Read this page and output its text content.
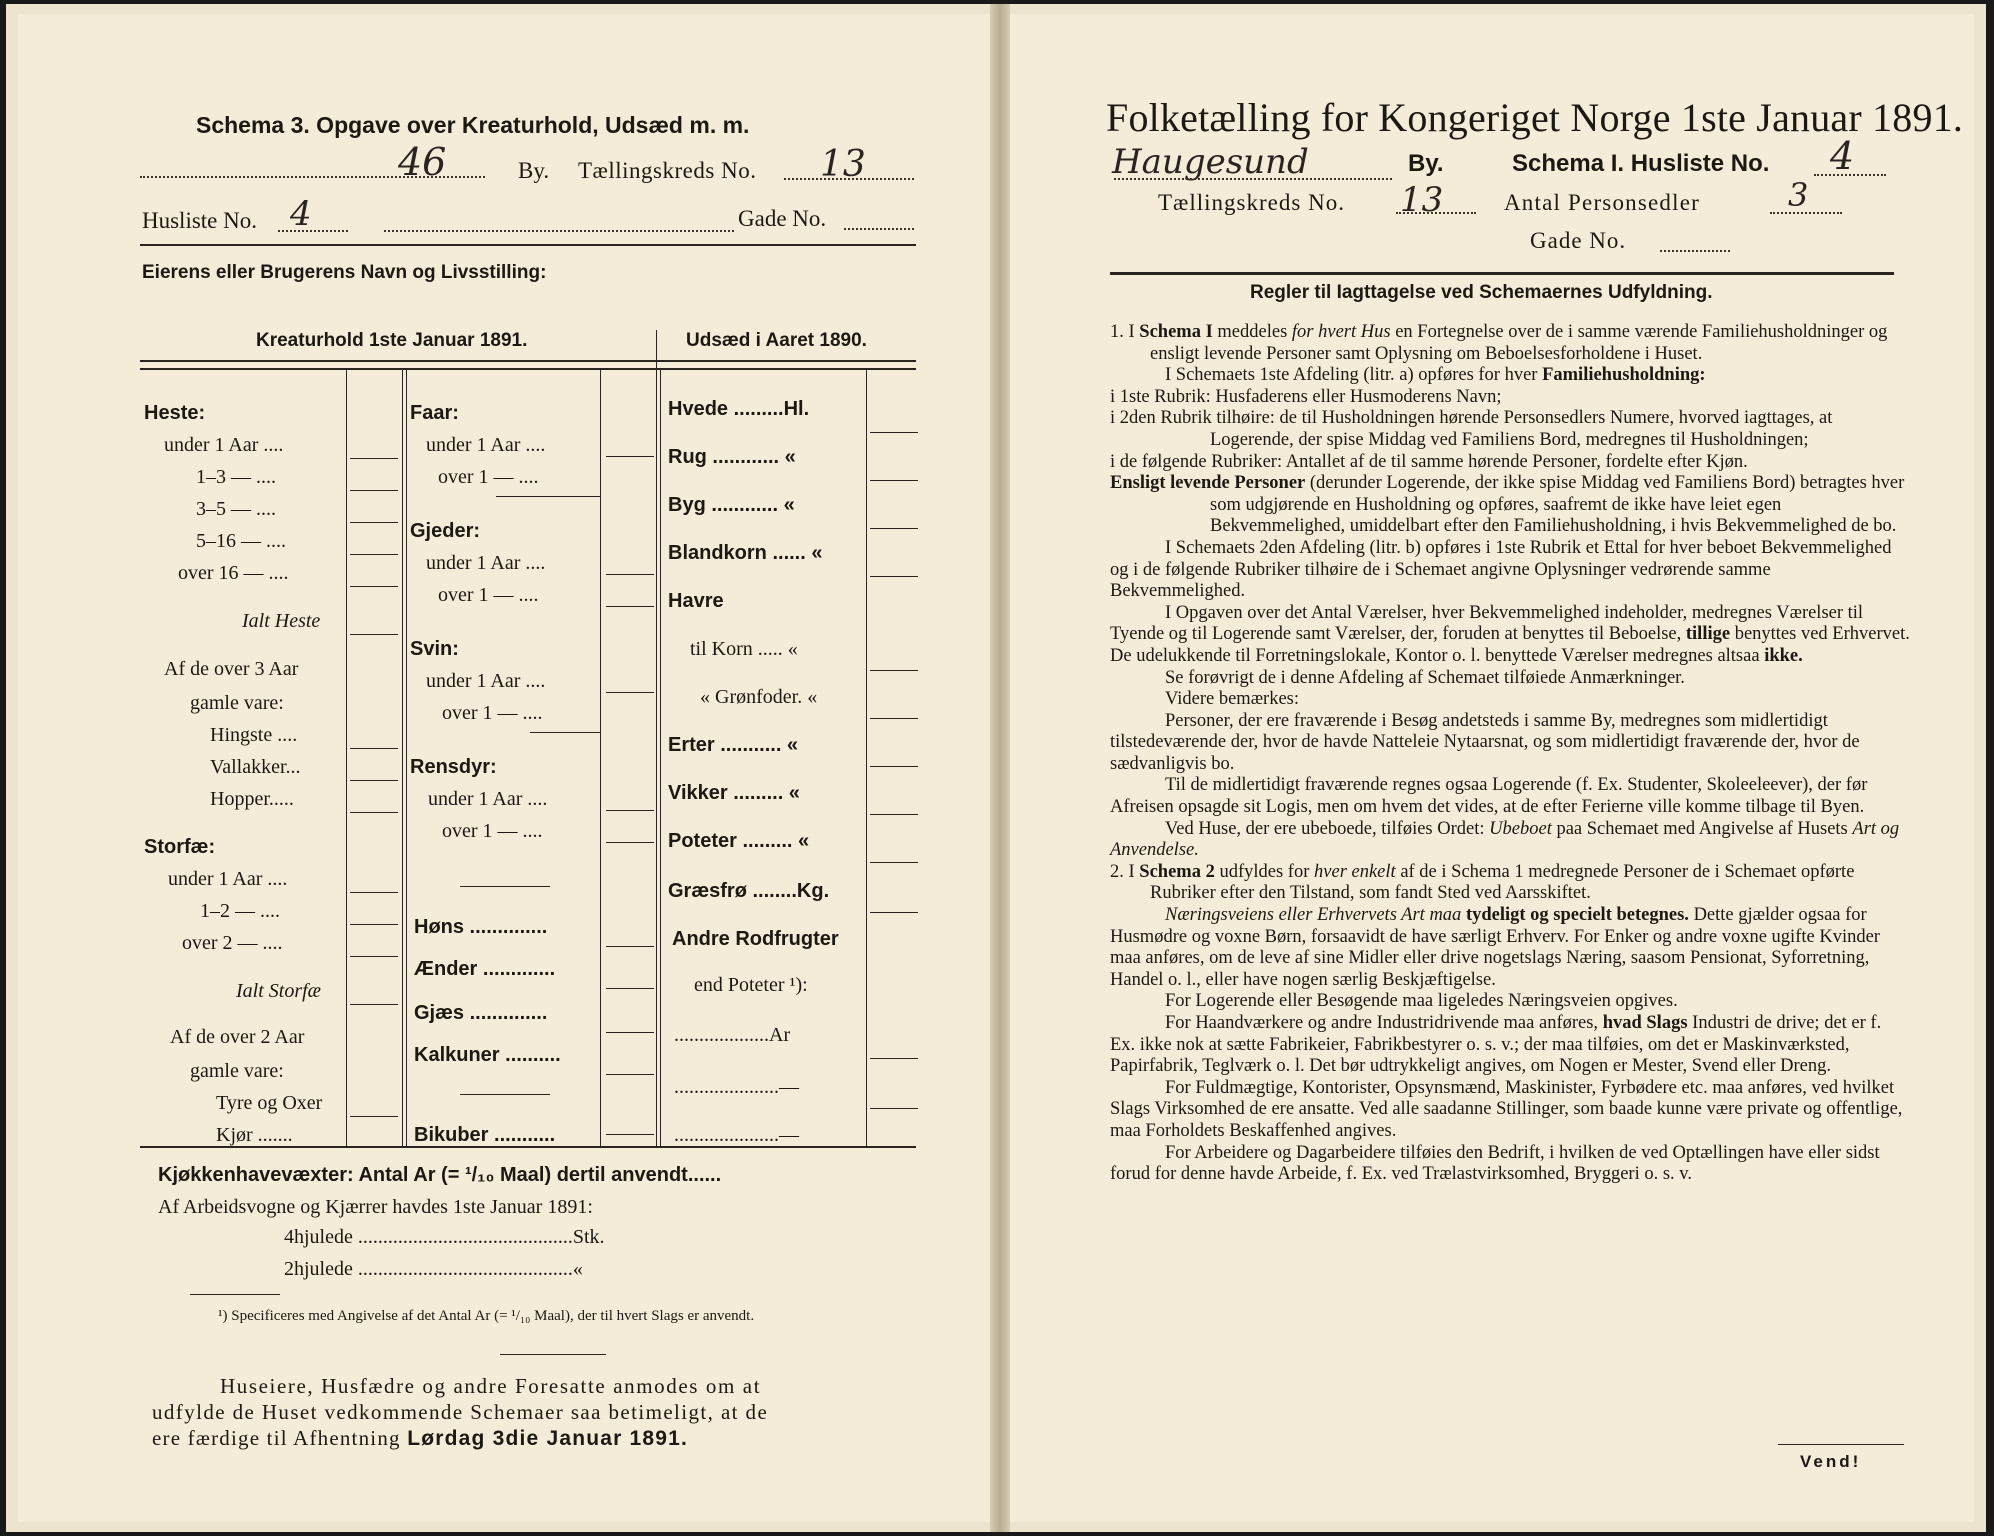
Schema 3. Opgave over Kreaturhold, Udsæd m. m.
46	By. Tællingskreds No. 13
Husliste No. 4	Gade No.
Eierens eller Brugerens Navn og Livsstilling:
Kreaturhold 1ste Januar 1891.	Udsæd i Aaret 1890.
Heste:
under 1 Aar ....
1–3 — ....
3–5 — ....
5–16 — ....
over 16 — ....
Ialt Heste
Af de over 3 Aar
gamle vare:
Hingste ....
Vallakker...
Hopper.....
Storfæ:
under 1 Aar ....
1–2 — ....
over 2 — ....
Ialt Storfæ
Af de over 2 Aar
gamle vare:
Tyre og Oxer
Kjør .......
Faar:
under 1 Aar ....
over 1 — ....
Gjeder:
under 1 Aar ....
over 1 — ....
Svin:
under 1 Aar ....
over 1 — ....
Rensdyr:
under 1 Aar ....
over 1 — ....
Høns ..............
Ænder .............
Gjæs ..............
Kalkuner ..........
Bikuber ...........
Hvede .........Hl.
Rug ............ «
Byg ............ «
Blandkorn ...... «
Havre
til Korn ..... «
« Grønfoder. «
Erter ........... «
Vikker ......... «
Poteter ......... «
Græsfrø ........Kg.
Andre Rodfrugter
end Poteter ¹):
...................Ar
.....................—
.....................—
Kjøkkenhavevæxter: Antal Ar (= ¹/₁₀ Maal) dertil anvendt......
Af Arbeidsvogne og Kjærrer havdes 1ste Januar 1891:
4hjulede ...........................................Stk.
2hjulede ...........................................«
¹) Specificeres med Angivelse af det Antal Ar (= ¹/₁₀ Maal), der til hvert Slags er anvendt.
Huseiere, Husfædre og andre Foresatte anmodes om at
udfylde de Huset vedkommende Schemaer saa betimeligt, at de
ere færdige til Afhentning Lørdag 3die Januar 1891.
Folketælling for Kongeriget Norge 1ste Januar 1891.
Haugesund	By.	Schema I. Husliste No. 4
Tællingskreds No. 13	Antal Personsedler	3
Gade No.
Regler til Iagttagelse ved Schemaernes Udfyldning.

1. I Schema I meddeles for hvert Hus en Fortegnelse over de i samme værende Familiehusholdninger og ensligt levende Personer samt Oplysning om Beboelsesforholdene i Huset.

I Schemaets 1ste Afdeling (litr. a) opføres for hver Familiehusholdning:

i 1ste Rubrik: Husfaderens eller Husmoderens Navn;

i 2den Rubrik tilhøire: de til Husholdningen hørende Personsedlers Numere, hvorved iagttages, at Logerende, der spise Middag ved Familiens Bord, medregnes til Husholdningen;

i de følgende Rubriker: Antallet af de til samme hørende Personer, fordelte efter Kjøn.

Ensligt levende Personer (derunder Logerende, der ikke spise Middag ved Familiens Bord) betragtes hver som udgjørende en Husholdning og opføres, saafremt de ikke have leiet egen Bekvemmelighed, umiddelbart efter den Familiehusholdning, i hvis Bekvemmelighed de bo.

I Schemaets 2den Afdeling (litr. b) opføres i 1ste Rubrik et Ettal for hver beboet Bekvemmelighed og i de følgende Rubriker tilhøire de i Schemaet angivne Oplysninger vedrørende samme Bekvemmelighed.

I Opgaven over det Antal Værelser, hver Bekvemmelighed indeholder, medregnes Værelser til Tyende og til Logerende samt Værelser, der, foruden at benyttes til Beboelse, tillige benyttes ved Erhvervet. De udelukkende til Forretningslokale, Kontor o. l. benyttede Værelser medregnes altsaa ikke.

Se forøvrigt de i denne Afdeling af Schemaet tilføiede Anmærkninger.

Videre bemærkes:

Personer, der ere fraværende i Besøg andetsteds i samme By, medregnes som midlertidigt tilstedeværende der, hvor de havde Natteleie Nytaarsnat, og som midlertidigt fraværende der, hvor de sædvanligvis bo.

Til de midlertidigt fraværende regnes ogsaa Logerende (f. Ex. Studenter, Skoleeleever), der før Afreisen opsagde sit Logis, men om hvem det vides, at de efter Ferierne ville komme tilbage til Byen.

Ved Huse, der ere ubeboede, tilføies Ordet: Ubeboet paa Schemaet med Angivelse af Husets Art og Anvendelse.

2. I Schema 2 udfyldes for hver enkelt af de i Schema 1 medregnede Personer de i Schemaet opførte Rubriker efter den Tilstand, som fandt Sted ved Aarsskiftet.

Næringsveiens eller Erhvervets Art maa tydeligt og specielt betegnes. Dette gjælder ogsaa for Husmødre og voxne Børn, forsaavidt de have særligt Erhverv. For Enker og andre voxne ugifte Kvinder maa anføres, om de leve af sine Midler eller drive nogetslags Næring, saasom Pensionat, Syforretning, Handel o. l., eller have nogen særlig Beskjæftigelse.

For Logerende eller Besøgende maa ligeledes Næringsveien opgives.

For Haandværkere og andre Industridrivende maa anføres, hvad Slags Industri de drive; det er f. Ex. ikke nok at sætte Fabrikeier, Fabrikbestyrer o. s. v.; der maa tilføies, om det er Maskinværksted, Papirfabrik, Teglværk o. l. Det bør udtrykkeligt angives, om Nogen er Mester, Svend eller Dreng.

For Fuldmægtige, Kontorister, Opsynsmænd, Maskinister, Fyrbødere etc. maa anføres, ved hvilket Slags Virksomhed de ere ansatte. Ved alle saadanne Stillinger, som baade kunne være private og offentlige, maa Forholdets Beskaffenhed angives.

For Arbeidere og Dagarbeidere tilføies den Bedrift, i hvilken de ved Optællingen have eller sidst forud for denne havde Arbeide, f. Ex. ved Trælastvirksomhed, Bryggeri o. s. v.

Vend!
